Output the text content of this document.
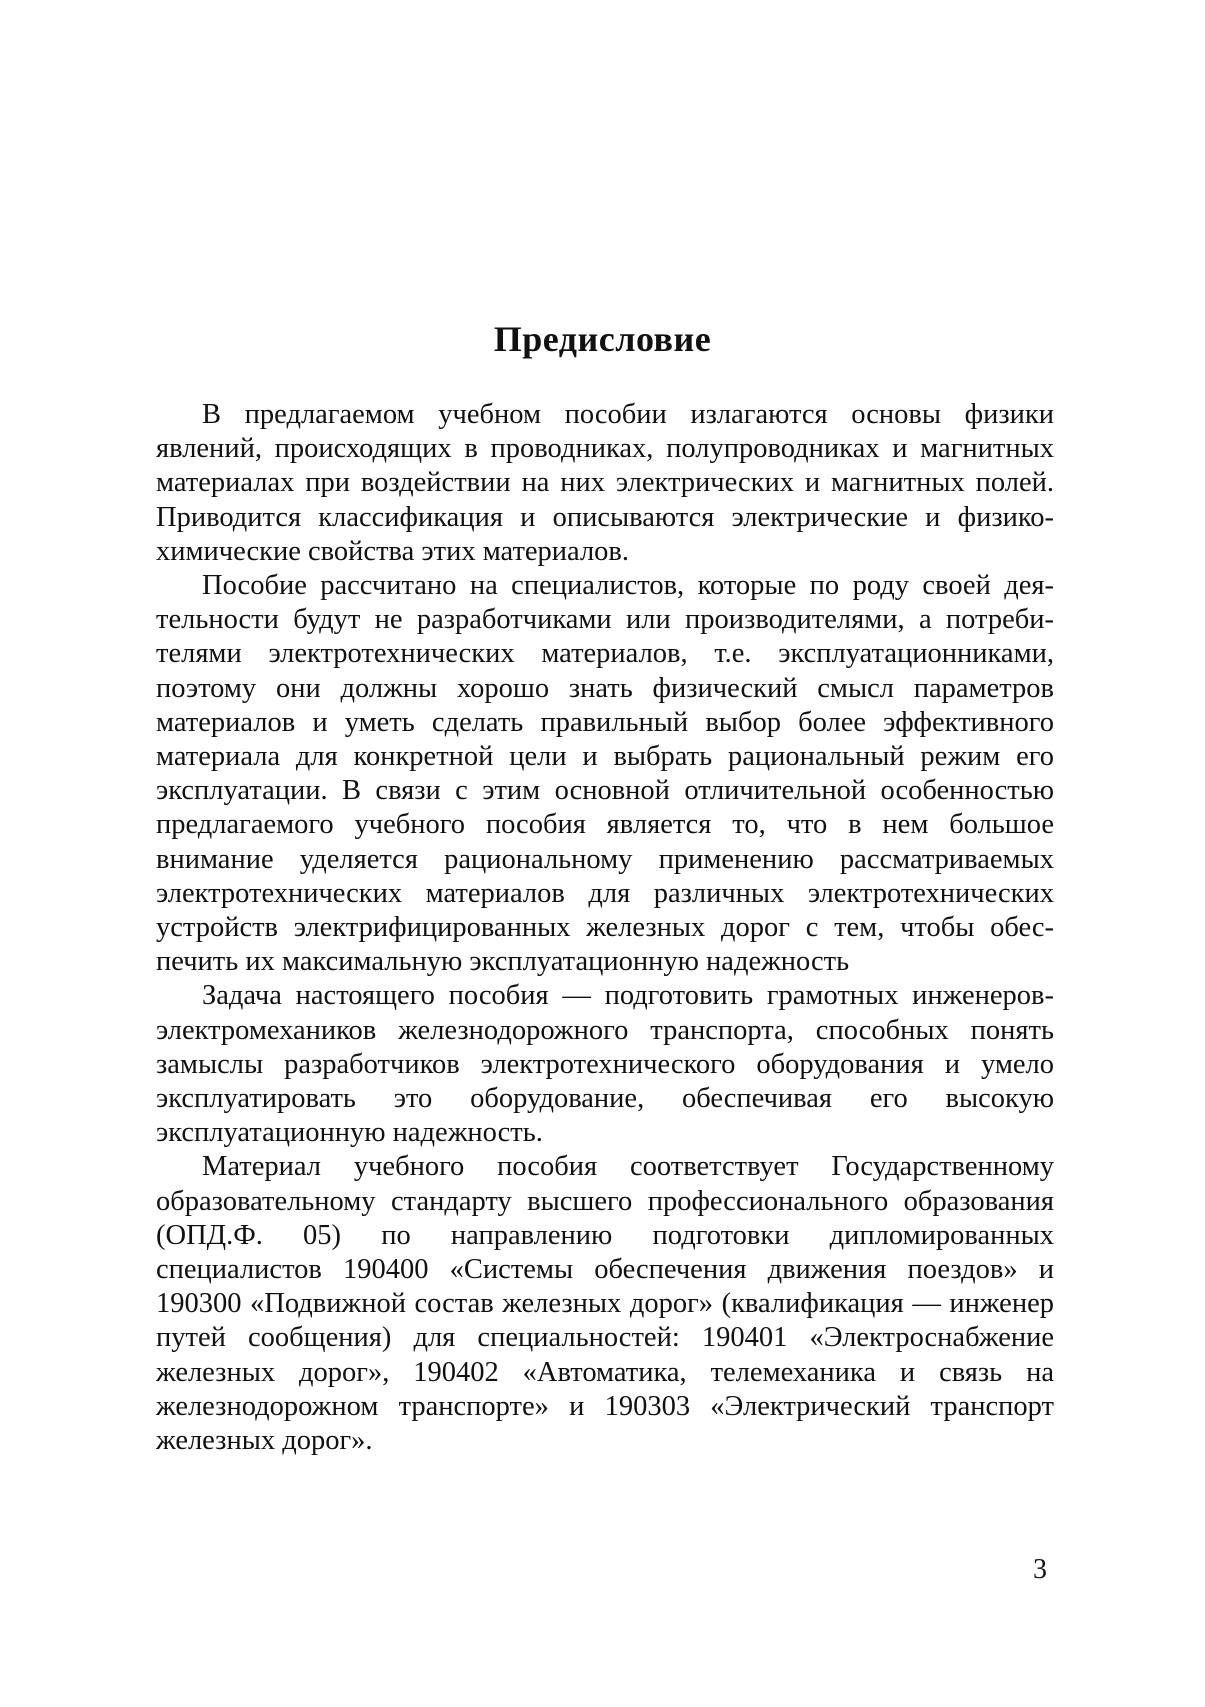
Предисловие

В предлагаемом учебном пособии излагаются основы физики явлений, происходящих в проводниках, полупроводниках и магнитных материалах при воздействии на них электрических и магнитных полей. Приводится классификация и описываются электрические и физико-химические свойства этих материалов.

Пособие рассчитано на специалистов, которые по роду своей деятельности будут не разработчиками или производителями, а потребителями электротехнических материалов, т.е. эксплуатационниками, поэтому они должны хорошо знать физический смысл параметров материалов и уметь сделать правильный выбор более эффективного материала для конкретной цели и выбрать рациональный режим его эксплуатации. В связи с этим основной отличительной особенностью предлагаемого учебного пособия является то, что в нем большое внимание уделяется рациональному применению рассматриваемых электротехнических материалов для различных электротехнических устройств электрифицированных железных дорог с тем, чтобы обеспечить их максимальную эксплуатационную надежность

Задача настоящего пособия — подготовить грамотных инженеров-электромехаников железнодорожного транспорта, способных понять замыслы разработчиков электротехнического оборудования и умело эксплуатировать это оборудование, обеспечивая его высокую эксплуатационную надежность.

Материал учебного пособия соответствует Государственному образовательному стандарту высшего профессионального образования (ОПД.Ф. 05) по направлению подготовки дипломированных специалистов 190400 «Системы обеспечения движения поездов» и 190300 «Подвижной состав железных дорог» (квалификация — инженер путей сообщения) для специальностей: 190401 «Электроснабжение железных дорог», 190402 «Автоматика, телемеханика и связь на железнодорожном транспорте» и 190303 «Электрический транспорт железных дорог».

3
